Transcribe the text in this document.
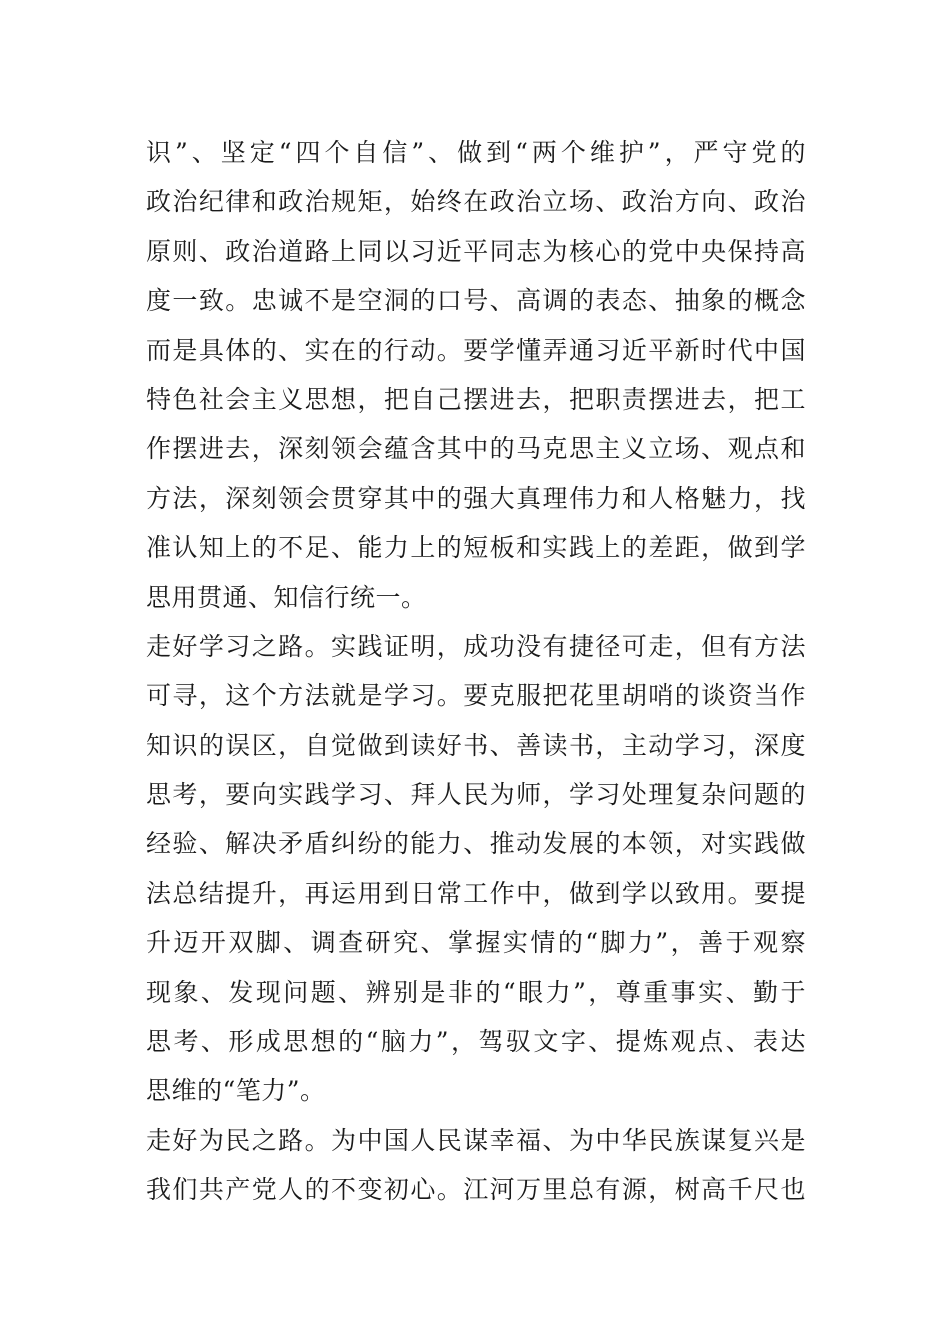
识”、坚定“四个自信”、做到“两个维护”，严守党的
政治纪律和政治规矩，始终在政治立场、政治方向、政治
原则、政治道路上同以习近平同志为核心的党中央保持高
度一致。忠诚不是空洞的口号、高调的表态、抽象的概念
而是具体的、实在的行动。要学懂弄通习近平新时代中国
特色社会主义思想，把自己摆进去，把职责摆进去，把工
作摆进去，深刻领会蕴含其中的马克思主义立场、观点和
方法，深刻领会贯穿其中的强大真理伟力和人格魅力，找
准认知上的不足、能力上的短板和实践上的差距，做到学
思用贯通、知信行统一。
走好学习之路。实践证明，成功没有捷径可走，但有方法
可寻，这个方法就是学习。要克服把花里胡哨的谈资当作
知识的误区，自觉做到读好书、善读书，主动学习，深度
思考，要向实践学习、拜人民为师，学习处理复杂问题的
经验、解决矛盾纠纷的能力、推动发展的本领，对实践做
法总结提升，再运用到日常工作中，做到学以致用。要提
升迈开双脚、调查研究、掌握实情的“脚力”，善于观察
现象、发现问题、辨别是非的“眼力”，尊重事实、勤于
思考、形成思想的“脑力”，驾驭文字、提炼观点、表达
思维的“笔力”。
走好为民之路。为中国人民谋幸福、为中华民族谋复兴是
我们共产党人的不变初心。江河万里总有源，树高千尺也
